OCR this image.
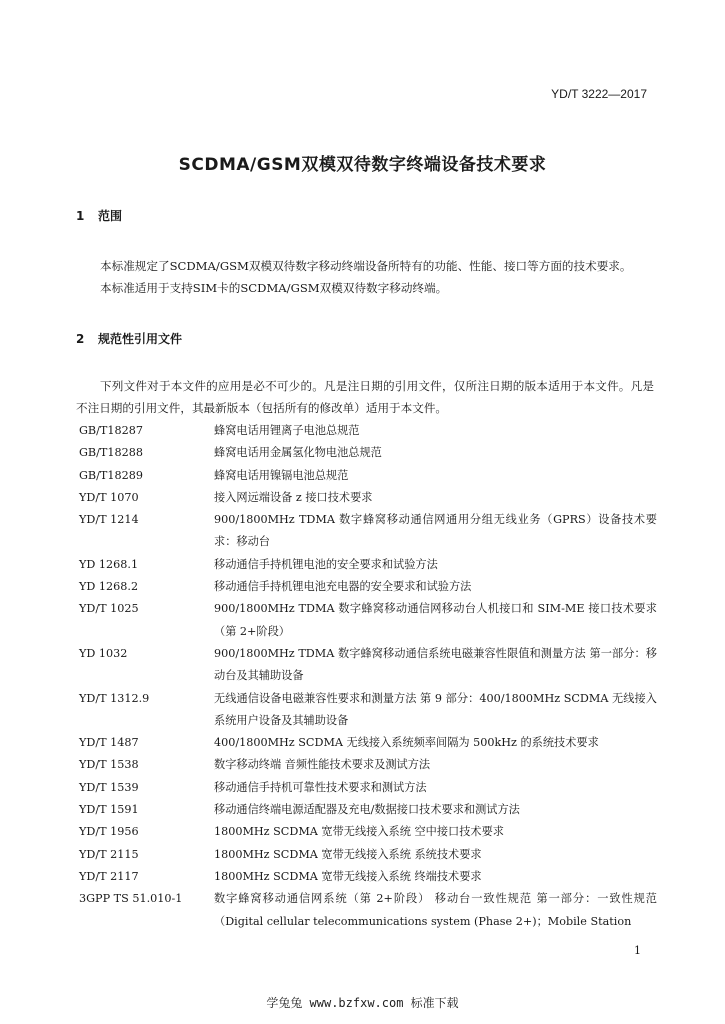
YD/T 3222—2017
SCDMA/GSM双模双待数字终端设备技术要求
1 范围
本标准规定了SCDMA/GSM双模双待数字移动终端设备所特有的功能、性能、接口等方面的技术要求。
本标准适用于支持SIM卡的SCDMA/GSM双模双待数字移动终端。
2 规范性引用文件
下列文件对于本文件的应用是必不可少的。凡是注日期的引用文件，仅所注日期的版本适用于本文件。凡是不注日期的引用文件，其最新版本（包括所有的修改单）适用于本文件。
GB/T18287	蜂窝电话用锂离子电池总规范
GB/T18288	蜂窝电话用金属氢化物电池总规范
GB/T18289	蜂窝电话用镍镉电池总规范
YD/T 1070	接入网远端设备 z 接口技术要求
YD/T 1214	900/1800MHz TDMA 数字蜂窝移动通信网通用分组无线业务（GPRS）设备技术要求：移动台
YD 1268.1	移动通信手持机锂电池的安全要求和试验方法
YD 1268.2	移动通信手持机锂电池充电器的安全要求和试验方法
YD/T 1025	900/1800MHz TDMA 数字蜂窝移动通信网移动台人机接口和 SIM-ME 接口技术要求（第 2+阶段）
YD 1032	900/1800MHz TDMA 数字蜂窝移动通信系统电磁兼容性限值和测量方法 第一部分：移动台及其辅助设备
YD/T 1312.9	无线通信设备电磁兼容性要求和测量方法 第 9 部分：400/1800MHz SCDMA 无线接入系统用户设备及其辅助设备
YD/T 1487	400/1800MHz SCDMA 无线接入系统频率间隔为 500kHz 的系统技术要求
YD/T 1538	数字移动终端 音频性能技术要求及测试方法
YD/T 1539	移动通信手持机可靠性技术要求和测试方法
YD/T 1591	移动通信终端电源适配器及充电/数据接口技术要求和测试方法
YD/T 1956	1800MHz SCDMA 宽带无线接入系统 空中接口技术要求
YD/T 2115	1800MHz SCDMA 宽带无线接入系统 系统技术要求
YD/T 2117	1800MHz SCDMA 宽带无线接入系统 终端技术要求
3GPP TS 51.010-1	数字蜂窝移动通信网系统（第 2+阶段） 移动台一致性规范 第一部分：一致性规范（Digital cellular telecommunications system (Phase 2+)；Mobile Station
1
学兔兔 www.bzfxw.com 标准下载
